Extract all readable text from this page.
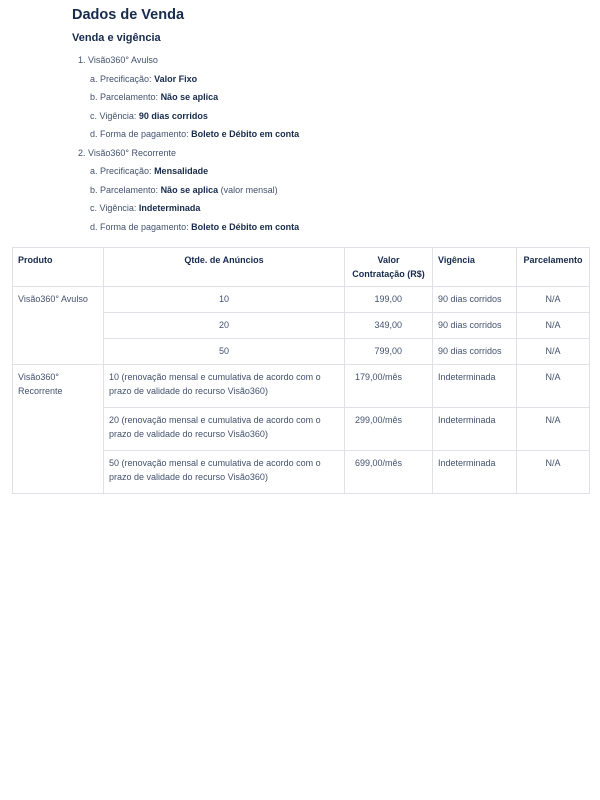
Dados de Venda
Venda e vigência
1. Visão360° Avulso
a. Precificação: Valor Fixo
b. Parcelamento: Não se aplica
c. Vigência: 90 dias corridos
d. Forma de pagamento: Boleto e Débito em conta
2. Visão360° Recorrente
a. Precificação: Mensalidade
b. Parcelamento: Não se aplica (valor mensal)
c. Vigência: Indeterminada
d. Forma de pagamento: Boleto e Débito em conta
Produto	Qtde. de Anúncios	Valor Contratação (R$)	Vigência	Parcelamento
Visão360° Avulso	10	199,00	90 dias corridos	N/A
	20	349,00	90 dias corridos	N/A
	50	799,00	90 dias corridos	N/A
Visão360° Recorrente	10 (renovação mensal e cumulativa de acordo com o prazo de validade do recurso Visão360)	179,00/mês	Indeterminada	N/A
	20 (renovação mensal e cumulativa de acordo com o prazo de validade do recurso Visão360)	299,00/mês	Indeterminada	N/A
	50 (renovação mensal e cumulativa de acordo com o prazo de validade do recurso Visão360)	699,00/mês	Indeterminada	N/A
